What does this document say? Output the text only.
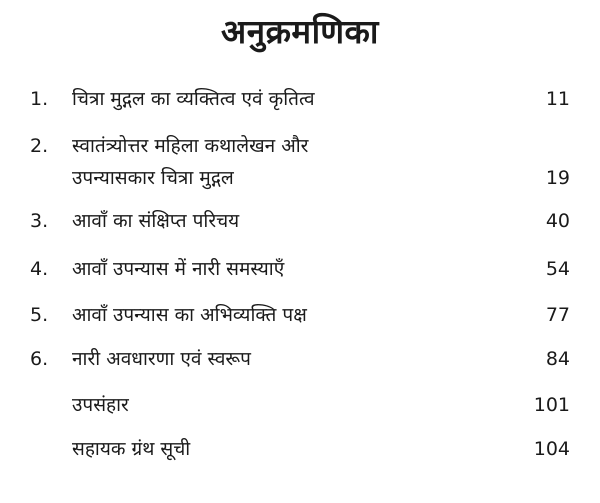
अनुक्रमणिका
1.	चित्रा मुद्गल का व्यक्तित्व एवं कृतित्व	11
2.	स्वातंत्र्योत्तर महिला कथालेखन और
उपन्यासकार चित्रा मुद्गल	19
3.	आवाँ का संक्षिप्त परिचय	40
4.	आवाँ उपन्यास में नारी समस्याएँ	54
5.	आवाँ उपन्यास का अभिव्यक्ति पक्ष	77
6.	नारी अवधारणा एवं स्वरूप	84
उपसंहार	101
सहायक ग्रंथ सूची	104
